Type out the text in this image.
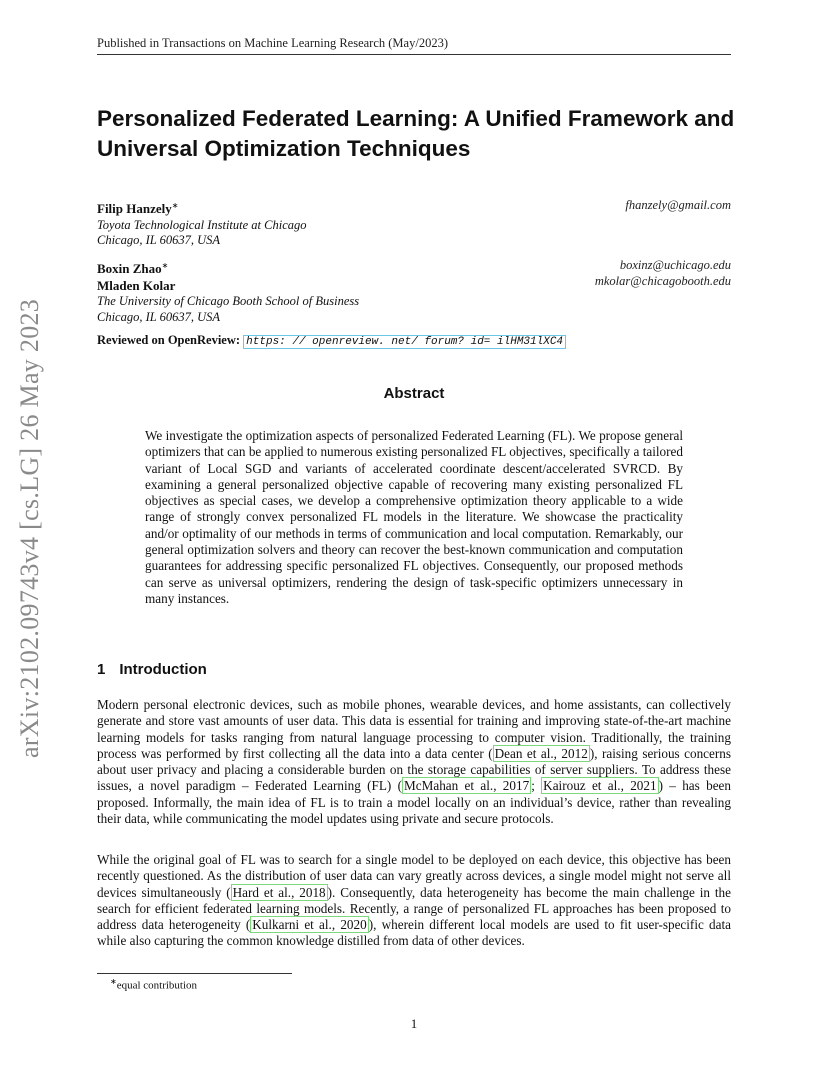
Published in Transactions on Machine Learning Research (May/2023)
arXiv:2102.09743v4 [cs.LG] 26 May 2023
Personalized Federated Learning: A Unified Framework and Universal Optimization Techniques
Filip Hanzely∗	fhanzely@gmail.com
Toyota Technological Institute at Chicago
Chicago, IL 60637, USA
Boxin Zhao∗	boxinz@uchicago.edu
Mladen Kolar	mkolar@chicagobooth.edu
The University of Chicago Booth School of Business
Chicago, IL 60637, USA
Reviewed on OpenReview: https: // openreview. net/ forum? id= ilHM31lXC4
Abstract
We investigate the optimization aspects of personalized Federated Learning (FL). We propose general optimizers that can be applied to numerous existing personalized FL objectives, specifically a tailored variant of Local SGD and variants of accelerated coordinate descent/accelerated SVRCD. By examining a general personalized objective capable of recovering many existing personalized FL objectives as special cases, we develop a comprehensive optimization theory applicable to a wide range of strongly convex personalized FL models in the literature. We showcase the practicality and/or optimality of our methods in terms of communication and local computation. Remarkably, our general optimization solvers and theory can recover the best-known communication and computation guarantees for addressing specific personalized FL objectives. Consequently, our proposed methods can serve as universal optimizers, rendering the design of task-specific optimizers unnecessary in many instances.
1 Introduction
Modern personal electronic devices, such as mobile phones, wearable devices, and home assistants, can collectively generate and store vast amounts of user data. This data is essential for training and improving state-of-the-art machine learning models for tasks ranging from natural language processing to computer vision. Traditionally, the training process was performed by first collecting all the data into a data center ( Dean et al., 2012 ), raising serious concerns about user privacy and placing a considerable burden on the storage capabilities of server suppliers. To address these issues, a novel paradigm – Federated Learning (FL) ( McMahan et al., 2017 ; Kairouz et al., 2021 ) – has been proposed. Informally, the main idea of FL is to train a model locally on an individual’s device, rather than revealing their data, while communicating the model updates using private and secure protocols.
While the original goal of FL was to search for a single model to be deployed on each device, this objective has been recently questioned. As the distribution of user data can vary greatly across devices, a single model might not serve all devices simultaneously ( Hard et al., 2018 ). Consequently, data heterogeneity has become the main challenge in the search for efficient federated learning models. Recently, a range of personalized FL approaches has been proposed to address data heterogeneity ( Kulkarni et al., 2020 ), wherein different local models are used to fit user-specific data while also capturing the common knowledge distilled from data of other devices.
∗equal contribution
1
